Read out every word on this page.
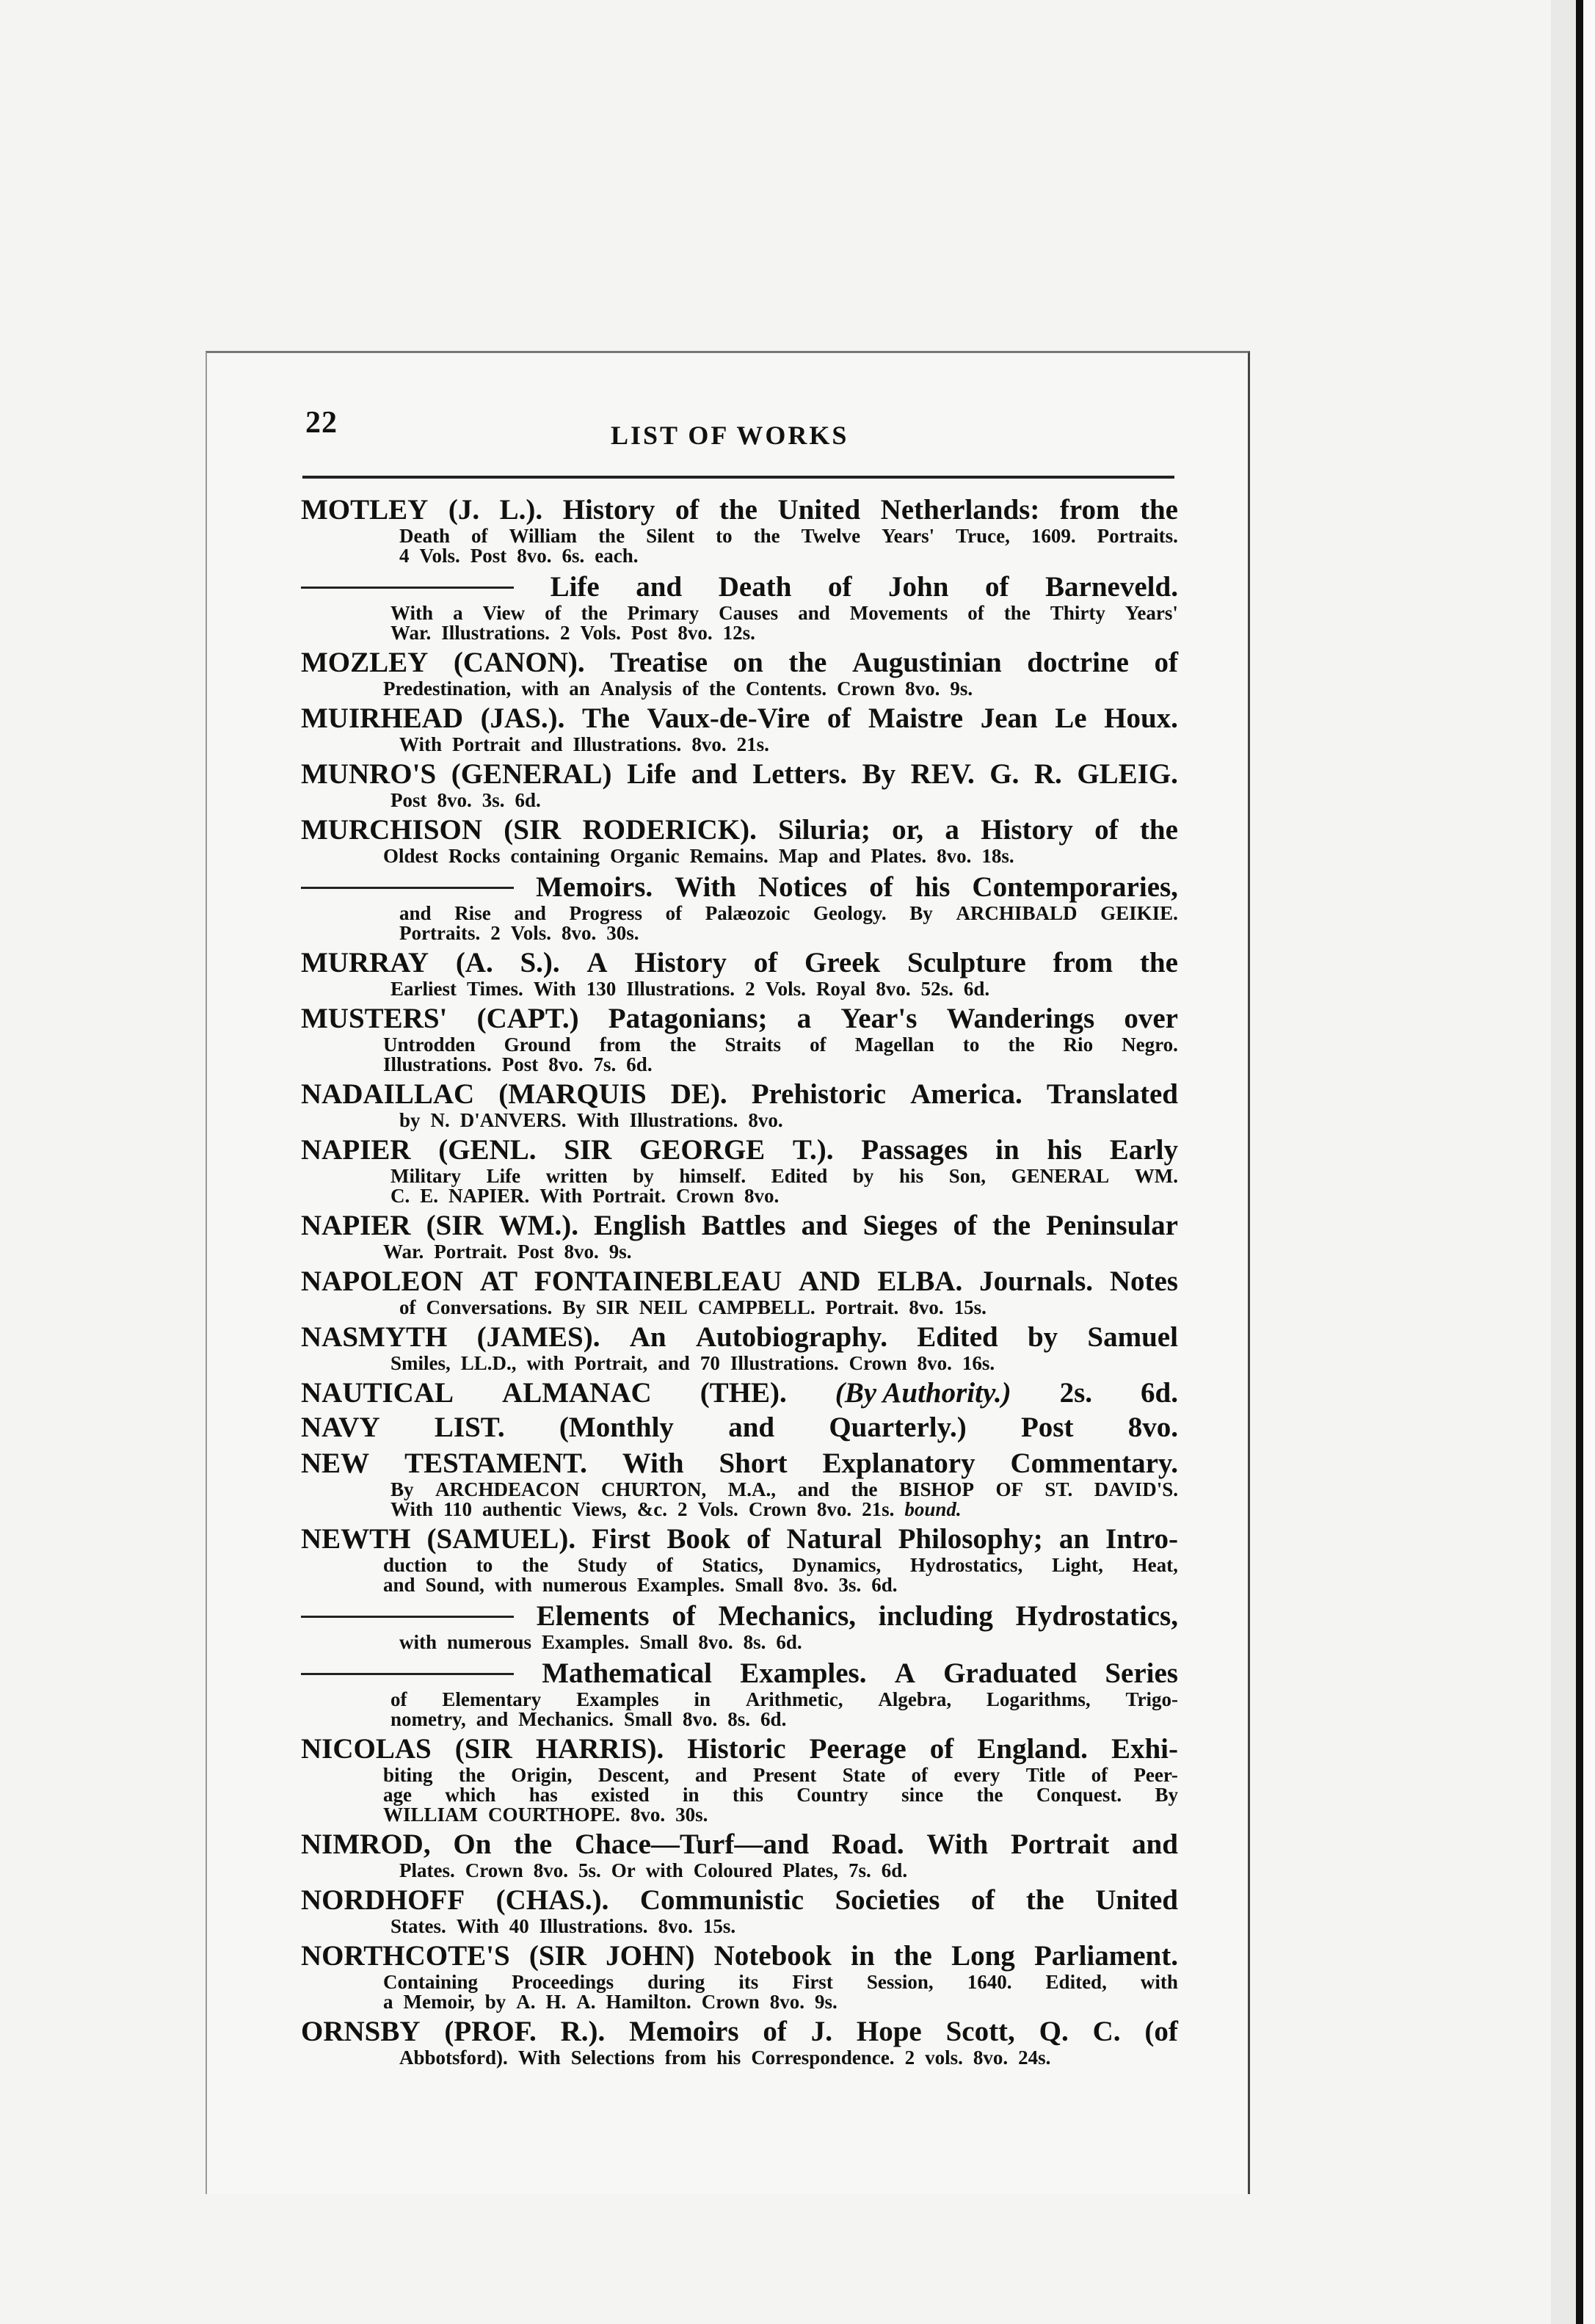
22	LIST OF WORKS
MOTLEY (J. L.). History of the United Netherlands: from the
Death of William the Silent to the Twelve Years' Truce, 1609. Portraits.
4 Vols. Post 8vo. 6s. each.
Life and Death of John of Barneveld.
With a View of the Primary Causes and Movements of the Thirty Years'
War. Illustrations. 2 Vols. Post 8vo. 12s.
MOZLEY (CANON). Treatise on the Augustinian doctrine of
Predestination, with an Analysis of the Contents. Crown 8vo. 9s.
MUIRHEAD (JAS.). The Vaux-de-Vire of Maistre Jean Le Houx.
With Portrait and Illustrations. 8vo. 21s.
MUNRO'S (GENERAL) Life and Letters. By REV. G. R. GLEIG.
Post 8vo. 3s. 6d.
MURCHISON (SIR RODERICK). Siluria; or, a History of the
Oldest Rocks containing Organic Remains. Map and Plates. 8vo. 18s.
Memoirs. With Notices of his Contemporaries,
and Rise and Progress of Palæozoic Geology. By ARCHIBALD GEIKIE.
Portraits. 2 Vols. 8vo. 30s.
MURRAY (A. S.). A History of Greek Sculpture from the
Earliest Times. With 130 Illustrations. 2 Vols. Royal 8vo. 52s. 6d.
MUSTERS' (CAPT.) Patagonians; a Year's Wanderings over
Untrodden Ground from the Straits of Magellan to the Rio Negro.
Illustrations. Post 8vo. 7s. 6d.
NADAILLAC (MARQUIS DE). Prehistoric America. Translated
by N. D'ANVERS. With Illustrations. 8vo.
NAPIER (GENL. SIR GEORGE T.). Passages in his Early
Military Life written by himself. Edited by his Son, GENERAL WM.
C. E. NAPIER. With Portrait. Crown 8vo.
NAPIER (SIR WM.). English Battles and Sieges of the Peninsular
War. Portrait. Post 8vo. 9s.
NAPOLEON AT FONTAINEBLEAU AND ELBA. Journals. Notes
of Conversations. By SIR NEIL CAMPBELL. Portrait. 8vo. 15s.
NASMYTH (JAMES). An Autobiography. Edited by Samuel
Smiles, LL.D., with Portrait, and 70 Illustrations. Crown 8vo. 16s.
NAUTICAL ALMANAC (THE). (By Authority.) 2s. 6d.
NAVY LIST. (Monthly and Quarterly.) Post 8vo.
NEW TESTAMENT. With Short Explanatory Commentary.
By ARCHDEACON CHURTON, M.A., and the BISHOP OF ST. DAVID'S.
With 110 authentic Views, &c. 2 Vols. Crown 8vo. 21s. bound.
NEWTH (SAMUEL). First Book of Natural Philosophy; an Intro-
duction to the Study of Statics, Dynamics, Hydrostatics, Light, Heat,
and Sound, with numerous Examples. Small 8vo. 3s. 6d.
Elements of Mechanics, including Hydrostatics,
with numerous Examples. Small 8vo. 8s. 6d.
Mathematical Examples. A Graduated Series
of Elementary Examples in Arithmetic, Algebra, Logarithms, Trigo-
nometry, and Mechanics. Small 8vo. 8s. 6d.
NICOLAS (SIR HARRIS). Historic Peerage of England. Exhi-
biting the Origin, Descent, and Present State of every Title of Peer-
age which has existed in this Country since the Conquest. By
WILLIAM COURTHOPE. 8vo. 30s.
NIMROD, On the Chace—Turf—and Road. With Portrait and
Plates. Crown 8vo. 5s. Or with Coloured Plates, 7s. 6d.
NORDHOFF (CHAS.). Communistic Societies of the United
States. With 40 Illustrations. 8vo. 15s.
NORTHCOTE'S (SIR JOHN) Notebook in the Long Parliament.
Containing Proceedings during its First Session, 1640. Edited, with
a Memoir, by A. H. A. Hamilton. Crown 8vo. 9s.
ORNSBY (PROF. R.). Memoirs of J. Hope Scott, Q. C. (of
Abbotsford). With Selections from his Correspondence. 2 vols. 8vo. 24s.
